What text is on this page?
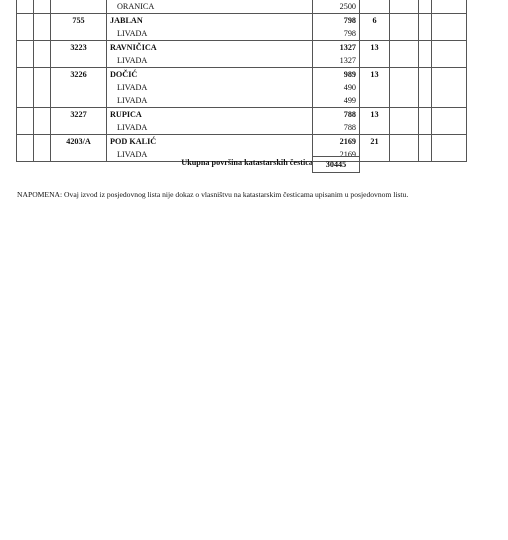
			ORANICA	2500				
		755	JABLAN	798	6			
			LIVADA	798				
		3223	RAVNIČICA	1327	13			
			LIVADA	1327				
		3226	DOČIĆ	989	13			
			LIVADA	490				
			LIVADA	499				
		3227	RUPICA	788	13			
			LIVADA	788				
		4203/A	POD KALIĆ	2169	21			
			LIVADA	2169				
Ukupna površina katastarskih čestica	30445
NAPOMENA: Ovaj izvod iz posjedovnog lista nije dokaz o vlasništvu na katastarskim česticama upisanim u posjedovnom listu.
